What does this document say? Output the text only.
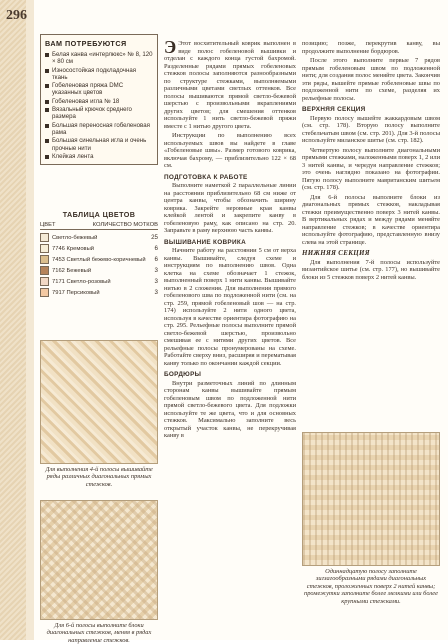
296
ВАМ ПОТРЕБУЮТСЯ
Белая канва «интерлюкс» № 8, 120 × 80 см
Износостойкая подкладочная ткань
Гобеленовая пряжа DMC указанных цветов
Гобеленовая игла № 18
Вязальный крючок среднего размера
Большая переносная гобеленовая рама
Большая синельная игла и очень прочные нити
Клейкая лента
ТАБЛИЦА ЦВЕТОВ
ЦВЕТ	КОЛИЧЕСТВО МОТКОВ
Светло-бежевый	25
7746 Кремовый	6
7453 Светлый бежево-коричневый	6
7162 Бежевый	3
7171 Светло-розовый	3
7917 Персиковый	3
Для выполнения 4-й полосы вышивайте ряды различных диагональных прямых стежков.
Для 6-й полосы выполните блоки диагональных стежков, меняя в рядах направление стежков.

Э Этот восхитительный коврик выполнен в виде полос гобеленовой вышивки и отделан с каждого конца густой бахромой. Разделенные рядами прямых гобеленовых стежков полосы заполняются разнообразными по структуре стежками, выполняемыми различными цветами светлых оттенков. Все полосы вышиваются прямой светло-бежевой шерстью с произвольными вкраплениями других цветов; для смешения оттенков используйте 1 нить светло-бежевой пряжи вместе с 1 нитью другого цвета.

Инструкции по выполнению всех используемых швов вы найдете в главе «Гобеленовые швы». Размер готового коврика, включая бахрому, — приблизительно 122 × 68 см.

ПОДГОТОВКА К РАБОТЕ

Выполните наметкой 2 параллельные линии на расстоянии приблизительно 68 см ниже от центра канвы, чтобы обозначить ширину коврика. Закрейте неровные края канвы клейкой лентой и закрепите канву в гобеленовую раму, как описано на стр. 20. Заправьте в раму верхнюю часть канвы.

ВЫШИВАНИЕ КОВРИКА

Начните работу на расстоянии 5 см от верха канвы. Вышивайте, следуя схеме и инструкциям по выполнению швов. Одна клетка на схеме обозначает 1 стежок, выполненный поверх 1 нити канвы. Вышивайте нитью в 2 сложения. Для выполнения прямого гобеленового шва по подложенной нити (см. на стр. 259, прямой гобеленовый шов — на стр. 174) используйте 2 нити одного цвета, используя в качестве ориентира фотографию на стр. 295. Рельефные полосы выполните прямой светло-бежевой шерстью, произвольно смешивая ее с нитями других цветов. Все рельефные полосы пронумерованы на схеме. Работайте сверху вниз, расширяя и перематывая канву только по окончании каждой секции.

БОРДЮРЫ

Внутри разметочных линий по длинным сторонам канвы вышивайте прямым гобеленовым швом по подложенной нити прямой светло-бежевого цвета. Для подложки используйте те же цвета, что и для основных стежков. Максимально заполните весь открытый участок канвы, не перекручивая канву в

позицию; позже, перекрутив канву, вы продолжите выполнение бордюров.

После этого выполните первые 7 рядов прямым гобеленовым швом по подложенной нити; для создания полос меняйте цвета. Закончив эти ряды, вышейте прямые гобеленовые швы по подложенной нити по схеме, разделяя их рельефные полосы.

ВЕРХНЯЯ СЕКЦИЯ

Первую полосу вышейте жаккардовым швом (см. стр. 178). Вторую полосу выполните стебельчатым швом (см. стр. 201). Для 3-й полосы используйте миланское шитье (см. стр. 182).

Четвертую полосу выполните диагональными прямыми стежками, наложенными поверх 1, 2 или 3 нитей канвы, и чередуя направление стежков; это очень наглядно показано на фотографии. Пятую полосу выполните мавританским шитьем (см. стр. 178).

Для 6-й полосы выполните блоки из диагональных прямых стежков, накладывая стежки преимущественно поверх 3 нитей канвы. В вертикальных рядах и между рядами меняйте направление стежков; в качестве ориентира используйте фотографию, представленную внизу слева на этой странице.

НИЖНЯЯ СЕКЦИЯ

Для выполнения 7-й полосы используйте византийское шитье (см. стр. 177), но вышивайте блоки из 5 стежков поверх 2 нитей канвы.

Одиннадцатую полосу заполните зигзагообразными рядами диагональных стежков, проложенных поверх 2 нитей канвы; промежутки заполните более мелкими или более крупными стежками.
